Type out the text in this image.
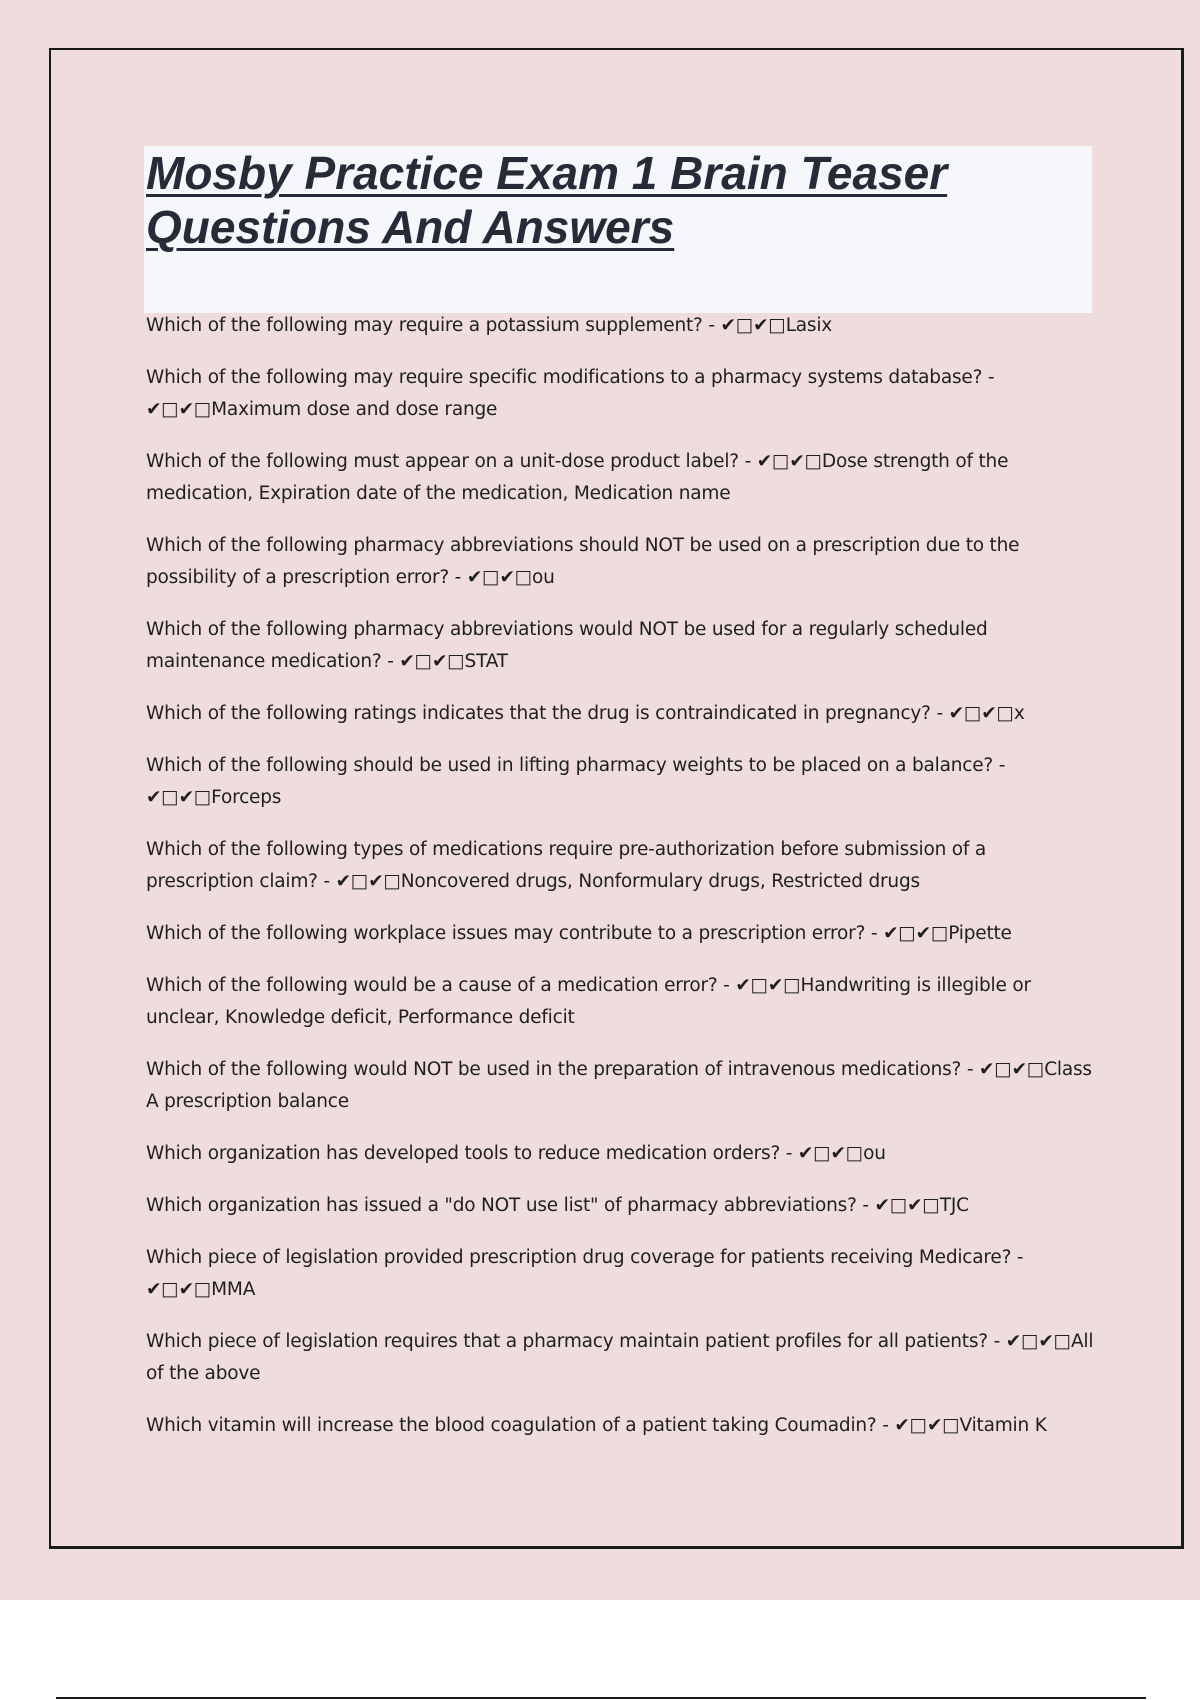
Mosby Practice Exam 1 Brain Teaser Questions And Answers
Which of the following may require a potassium supplement? - ✔□✔□Lasix
Which of the following may require specific modifications to a pharmacy systems database? - ✔□✔□Maximum dose and dose range
Which of the following must appear on a unit-dose product label? - ✔□✔□Dose strength of the medication, Expiration date of the medication, Medication name
Which of the following pharmacy abbreviations should NOT be used on a prescription due to the possibility of a prescription error? - ✔□✔□ou
Which of the following pharmacy abbreviations would NOT be used for a regularly scheduled maintenance medication? - ✔□✔□STAT
Which of the following ratings indicates that the drug is contraindicated in pregnancy? - ✔□✔□x
Which of the following should be used in lifting pharmacy weights to be placed on a balance? - ✔□✔□Forceps
Which of the following types of medications require pre-authorization before submission of a prescription claim? - ✔□✔□Noncovered drugs, Nonformulary drugs, Restricted drugs
Which of the following workplace issues may contribute to a prescription error? - ✔□✔□Pipette
Which of the following would be a cause of a medication error? - ✔□✔□Handwriting is illegible or unclear, Knowledge deficit, Performance deficit
Which of the following would NOT be used in the preparation of intravenous medications? - ✔□✔□Class A prescription balance
Which organization has developed tools to reduce medication orders? - ✔□✔□ou
Which organization has issued a "do NOT use list" of pharmacy abbreviations? - ✔□✔□TJC
Which piece of legislation provided prescription drug coverage for patients receiving Medicare? - ✔□✔□MMA
Which piece of legislation requires that a pharmacy maintain patient profiles for all patients? - ✔□✔□All of the above
Which vitamin will increase the blood coagulation of a patient taking Coumadin? - ✔□✔□Vitamin K
